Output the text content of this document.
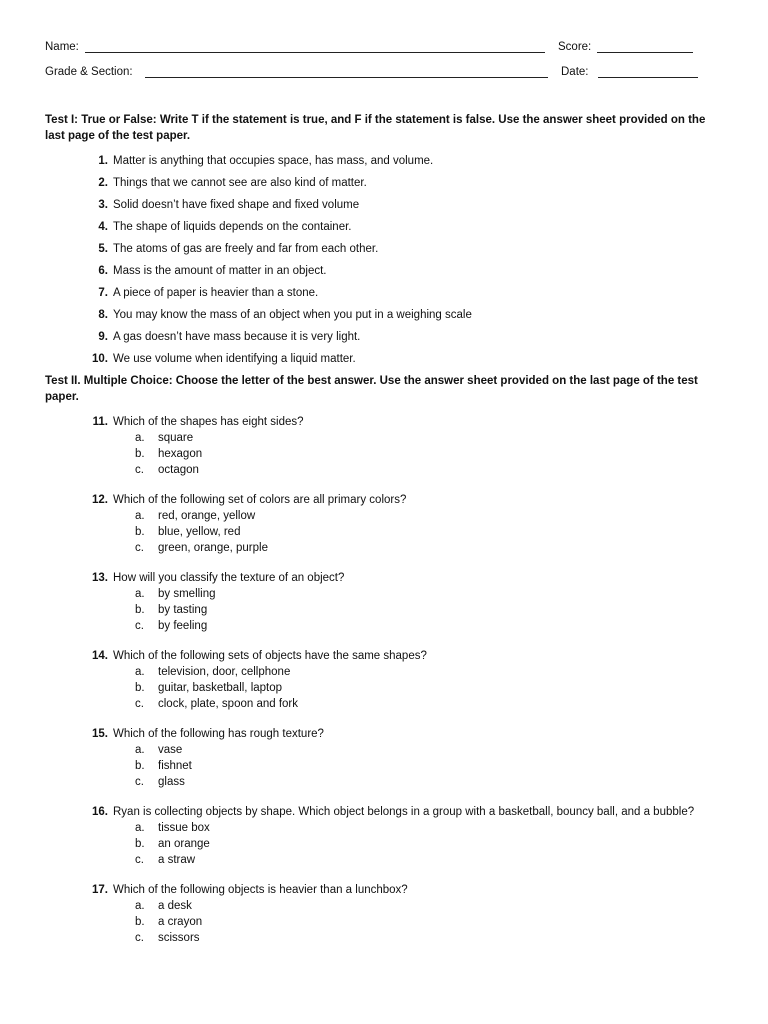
Name:	Score:
Grade & Section:	Date:
Test I: True or False: Write T if the statement is true, and F if the statement is false. Use the answer sheet provided on the last page of the test paper.
1. Matter is anything that occupies space, has mass, and volume.
2. Things that we cannot see are also kind of matter.
3. Solid doesn’t have fixed shape and fixed volume
4. The shape of liquids depends on the container.
5. The atoms of gas are freely and far from each other.
6. Mass is the amount of matter in an object.
7. A piece of paper is heavier than a stone.
8. You may know the mass of an object when you put in a weighing scale
9. A gas doesn’t have mass because it is very light.
10. We use volume when identifying a liquid matter.
Test II. Multiple Choice: Choose the letter of the best answer. Use the answer sheet provided on the last page of the test paper.
11. Which of the shapes has eight sides?
a.	square
b.	hexagon
c.	octagon
12. Which of the following set of colors are all primary colors?
a.	red, orange, yellow
b.	blue, yellow, red
c.	green, orange, purple
13. How will you classify the texture of an object?
a.	by smelling
b.	by tasting
c.	by feeling
14. Which of the following sets of objects have the same shapes?
a.	television, door, cellphone
b.	guitar, basketball, laptop
c.	clock, plate, spoon and fork
15. Which of the following has rough texture?
a.	vase
b.	fishnet
c.	glass
16. Ryan is collecting objects by shape. Which object belongs in a group with a basketball, bouncy ball, and a bubble?
a.	tissue box
b.	an orange
c.	a straw
17. Which of the following objects is heavier than a lunchbox?
a.	a desk
b.	a crayon
c.	scissors
